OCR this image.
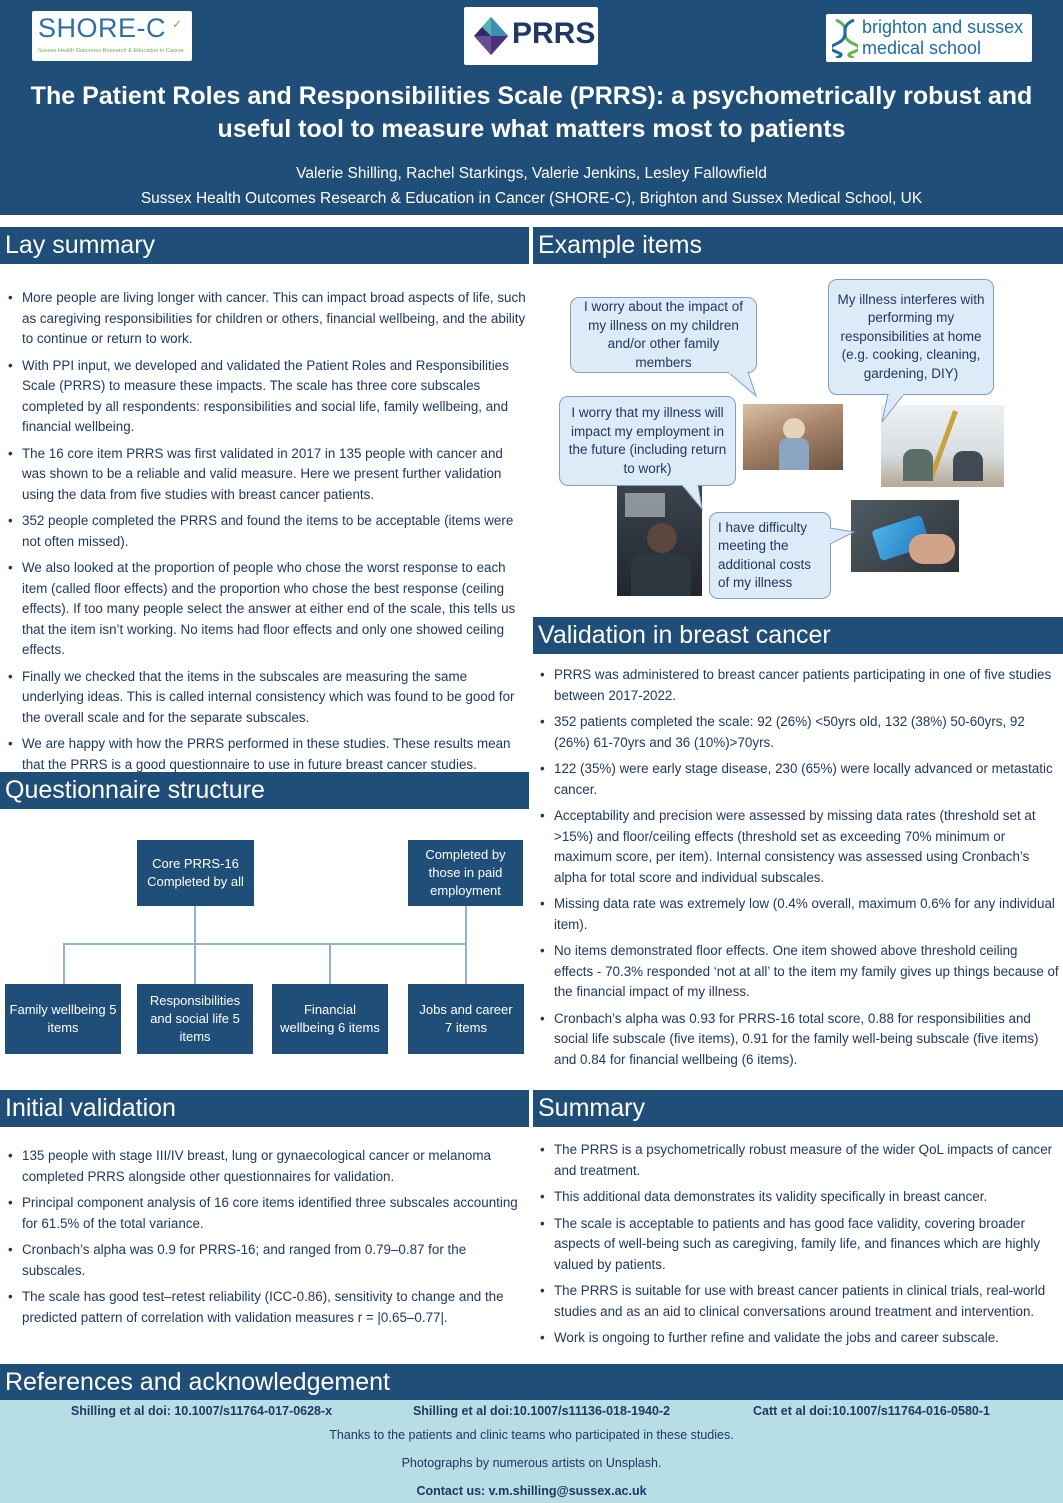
SHORE-C ✓
Sussex Health Outcomes Research & Education in Cancer
PRRS	brighton and sussex
medical school
The Patient Roles and Responsibilities Scale (PRRS): a psychometrically robust and
useful tool to measure what matters most to patients
Valerie Shilling, Rachel Starkings, Valerie Jenkins, Lesley Fallowfield
Sussex Health Outcomes Research & Education in Cancer (SHORE-C), Brighton and Sussex Medical School, UK
Lay summary
• More people are living longer with cancer. This can impact broad aspects of life, such as caregiving responsibilities for children or others, financial wellbeing, and the ability to continue or return to work.
• With PPI input, we developed and validated the Patient Roles and Responsibilities Scale (PRRS) to measure these impacts. The scale has three core subscales completed by all respondents: responsibilities and social life, family wellbeing, and financial wellbeing.
• The 16 core item PRRS was first validated in 2017 in 135 people with cancer and was shown to be a reliable and valid measure. Here we present further validation using the data from five studies with breast cancer patients.
• 352 people completed the PRRS and found the items to be acceptable (items were not often missed).
• We also looked at the proportion of people who chose the worst response to each item (called floor effects) and the proportion who chose the best response (ceiling effects). If too many people select the answer at either end of the scale, this tells us that the item isn’t working. No items had floor effects and only one showed ceiling effects.
• Finally we checked that the items in the subscales are measuring the same underlying ideas. This is called internal consistency which was found to be good for the overall scale and for the separate subscales.
• We are happy with how the PRRS performed in these studies. These results mean that the PRRS is a good questionnaire to use in future breast cancer studies.
Questionnaire structure
Core PRRS-16 Completed by all
Completed by those in paid employment
Family wellbeing 5 items
Responsibilities and social life 5 items
Financial wellbeing 6 items
Jobs and career 7 items
Initial validation
• 135 people with stage III/IV breast, lung or gynaecological cancer or melanoma completed PRRS alongside other questionnaires for validation.
• Principal component analysis of 16 core items identified three subscales accounting for 61.5% of the total variance.
• Cronbach’s alpha was 0.9 for PRRS-16; and ranged from 0.79–0.87 for the subscales.
• The scale has good test–retest reliability (ICC-0.86), sensitivity to change and the predicted pattern of correlation with validation measures r = |0.65–0.77|.
Example items
I worry about the impact of my illness on my children and/or other family members
My illness interferes with performing my responsibilities at home (e.g. cooking, cleaning, gardening, DIY)
I worry that my illness will impact my employment in the future (including return to work)
I have difficulty meeting the additional costs of my illness
Validation in breast cancer
• PRRS was administered to breast cancer patients participating in one of five studies between 2017-2022.
• 352 patients completed the scale: 92 (26%) <50yrs old, 132 (38%) 50-60yrs, 92 (26%) 61-70yrs and 36 (10%)>70yrs.
• 122 (35%) were early stage disease, 230 (65%) were locally advanced or metastatic cancer.
• Acceptability and precision were assessed by missing data rates (threshold set at >15%) and floor/ceiling effects (threshold set as exceeding 70% minimum or maximum score, per item). Internal consistency was assessed using Cronbach’s alpha for total score and individual subscales.
• Missing data rate was extremely low (0.4% overall, maximum 0.6% for any individual item).
• No items demonstrated floor effects. One item showed above threshold ceiling effects - 70.3% responded ‘not at all’ to the item my family gives up things because of the financial impact of my illness.
• Cronbach’s alpha was 0.93 for PRRS-16 total score, 0.88 for responsibilities and social life subscale (five items), 0.91 for the family well-being subscale (five items) and 0.84 for financial wellbeing (6 items).
Summary
• The PRRS is a psychometrically robust measure of the wider QoL impacts of cancer and treatment.
• This additional data demonstrates its validity specifically in breast cancer.
• The scale is acceptable to patients and has good face validity, covering broader aspects of well-being such as caregiving, family life, and finances which are highly valued by patients.
• The PRRS is suitable for use with breast cancer patients in clinical trials, real-world studies and as an aid to clinical conversations around treatment and intervention.
• Work is ongoing to further refine and validate the jobs and career subscale.
References and acknowledgement
Shilling et al doi: 10.1007/s11764-017-0628-x	Shilling et al doi:10.1007/s11136-018-1940-2	Catt et al doi:10.1007/s11764-016-0580-1
Thanks to the patients and clinic teams who participated in these studies.
Photographs by numerous artists on Unsplash.
Contact us: v.m.shilling@sussex.ac.uk
